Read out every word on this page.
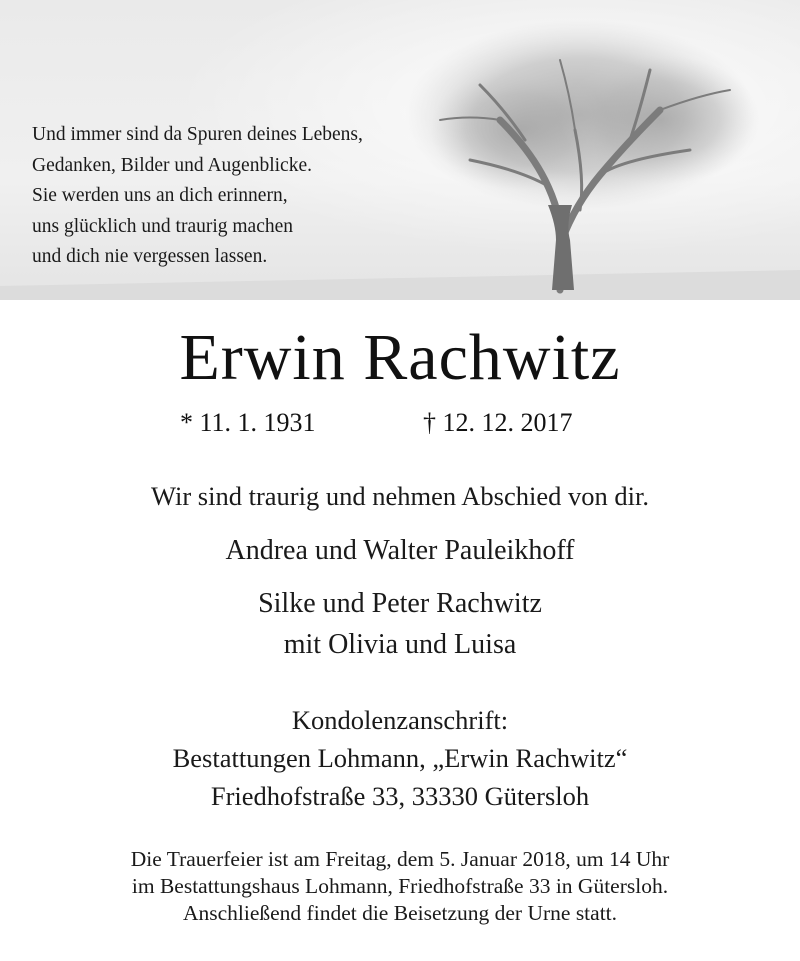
Und immer sind da Spuren deines Lebens,
Gedanken, Bilder und Augenblicke.
Sie werden uns an dich erinnern,
uns glücklich und traurig machen
und dich nie vergessen lassen.
Erwin Rachwitz
* 11. 1. 1931	† 12. 12. 2017
Wir sind traurig und nehmen Abschied von dir.
Andrea und Walter Pauleikhoff
Silke und Peter Rachwitz
mit Olivia und Luisa
Kondolenzanschrift:
Bestattungen Lohmann, „Erwin Rachwitz“
Friedhofstraße 33, 33330 Gütersloh
Die Trauerfeier ist am Freitag, dem 5. Januar 2018, um 14 Uhr
im Bestattungshaus Lohmann, Friedhofstraße 33 in Gütersloh.
Anschließend findet die Beisetzung der Urne statt.
